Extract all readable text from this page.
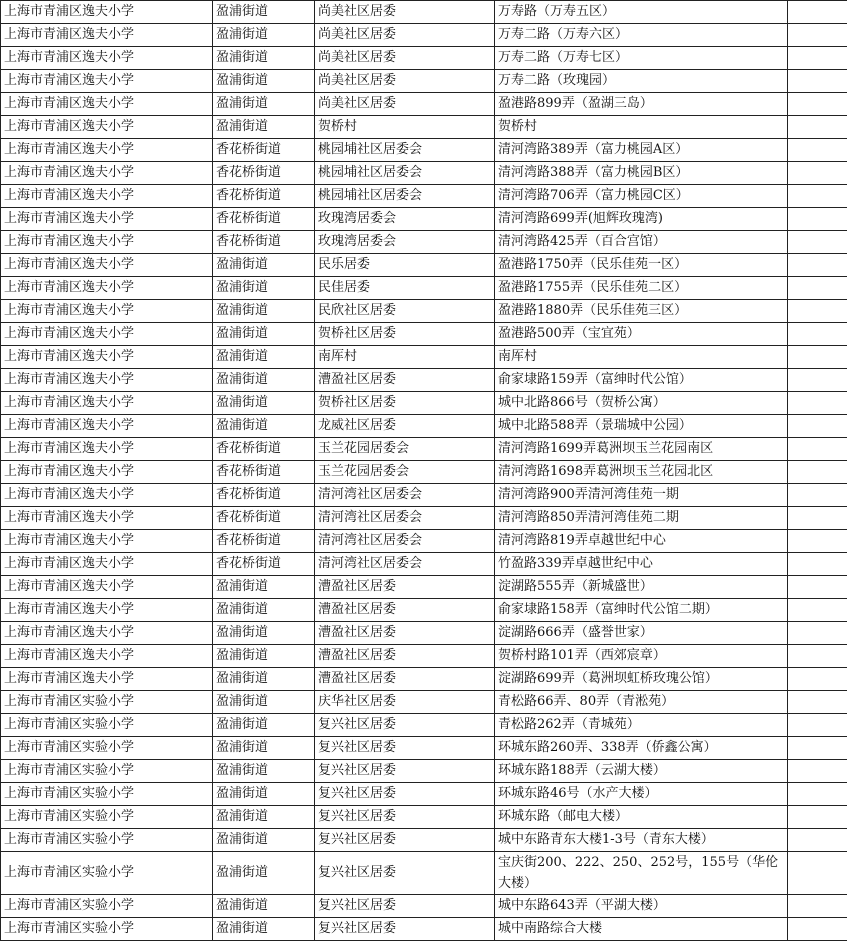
上海市青浦区逸夫小学	盈浦街道	尚美社区居委	万寿路（万寿五区）	
上海市青浦区逸夫小学	盈浦街道	尚美社区居委	万寿二路（万寿六区）	
上海市青浦区逸夫小学	盈浦街道	尚美社区居委	万寿二路（万寿七区）	
上海市青浦区逸夫小学	盈浦街道	尚美社区居委	万寿二路（玫瑰园）	
上海市青浦区逸夫小学	盈浦街道	尚美社区居委	盈港路899弄（盈湖三岛）	
上海市青浦区逸夫小学	盈浦街道	贺桥村	贺桥村	
上海市青浦区逸夫小学	香花桥街道	桃园埔社区居委会	清河湾路389弄（富力桃园A区）	
上海市青浦区逸夫小学	香花桥街道	桃园埔社区居委会	清河湾路388弄（富力桃园B区）	
上海市青浦区逸夫小学	香花桥街道	桃园埔社区居委会	清河湾路706弄（富力桃园C区）	
上海市青浦区逸夫小学	香花桥街道	玫瑰湾居委会	清河湾路699弄(旭辉玫瑰湾)	
上海市青浦区逸夫小学	香花桥街道	玫瑰湾居委会	清河湾路425弄（百合宫馆）	
上海市青浦区逸夫小学	盈浦街道	民乐居委	盈港路1750弄（民乐佳苑一区）	
上海市青浦区逸夫小学	盈浦街道	民佳居委	盈港路1755弄（民乐佳苑二区）	
上海市青浦区逸夫小学	盈浦街道	民欣社区居委	盈港路1880弄（民乐佳苑三区）	
上海市青浦区逸夫小学	盈浦街道	贺桥社区居委	盈港路500弄（宝宜苑）	
上海市青浦区逸夫小学	盈浦街道	南厍村	南厍村	
上海市青浦区逸夫小学	盈浦街道	漕盈社区居委	俞家埭路159弄（富绅时代公馆）	
上海市青浦区逸夫小学	盈浦街道	贺桥社区居委	城中北路866号（贺桥公寓）	
上海市青浦区逸夫小学	盈浦街道	龙威社区居委	城中北路588弄（景瑞城中公园）	
上海市青浦区逸夫小学	香花桥街道	玉兰花园居委会	清河湾路1699弄葛洲坝玉兰花园南区	
上海市青浦区逸夫小学	香花桥街道	玉兰花园居委会	清河湾路1698弄葛洲坝玉兰花园北区	
上海市青浦区逸夫小学	香花桥街道	清河湾社区居委会	清河湾路900弄清河湾佳苑一期	
上海市青浦区逸夫小学	香花桥街道	清河湾社区居委会	清河湾路850弄清河湾佳苑二期	
上海市青浦区逸夫小学	香花桥街道	清河湾社区居委会	清河湾路819弄卓越世纪中心	
上海市青浦区逸夫小学	香花桥街道	清河湾社区居委会	竹盈路339弄卓越世纪中心	
上海市青浦区逸夫小学	盈浦街道	漕盈社区居委	淀湖路555弄（新城盛世）	
上海市青浦区逸夫小学	盈浦街道	漕盈社区居委	俞家埭路158弄（富绅时代公馆二期）	
上海市青浦区逸夫小学	盈浦街道	漕盈社区居委	淀湖路666弄（盛誉世家）	
上海市青浦区逸夫小学	盈浦街道	漕盈社区居委	贺桥村路101弄（西郊宸章）	
上海市青浦区逸夫小学	盈浦街道	漕盈社区居委	淀湖路699弄（葛洲坝虹桥玫瑰公馆）	
上海市青浦区实验小学	盈浦街道	庆华社区居委	青松路66弄、80弄（青淞苑）	
上海市青浦区实验小学	盈浦街道	复兴社区居委	青松路262弄（青城苑）	
上海市青浦区实验小学	盈浦街道	复兴社区居委	环城东路260弄、338弄（侨鑫公寓）	
上海市青浦区实验小学	盈浦街道	复兴社区居委	环城东路188弄（云湖大楼）	
上海市青浦区实验小学	盈浦街道	复兴社区居委	环城东路46号（水产大楼）	
上海市青浦区实验小学	盈浦街道	复兴社区居委	环城东路（邮电大楼）	
上海市青浦区实验小学	盈浦街道	复兴社区居委	城中东路青东大楼1-3号（青东大楼）	
上海市青浦区实验小学	盈浦街道	复兴社区居委	宝庆街200、222、250、252号，155号（华伦大楼）	
上海市青浦区实验小学	盈浦街道	复兴社区居委	城中东路643弄（平湖大楼）	
上海市青浦区实验小学	盈浦街道	复兴社区居委	城中南路综合大楼	
